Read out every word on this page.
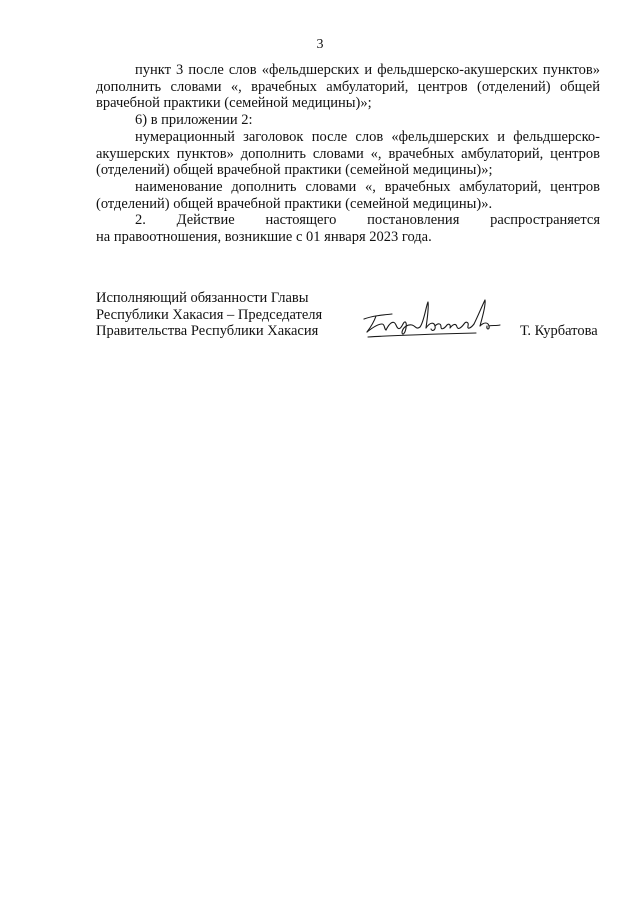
3

пункт 3 после слов «фельдшерских и фельдшерско-акушерских пунктов» дополнить словами «, врачебных амбулаторий, центров (отделений) общей врачебной практики (семейной медицины)»;

6) в приложении 2:

нумерационный заголовок после слов «фельдшерских и фельдшерско-акушерских пунктов» дополнить словами «, врачебных амбулаторий, центров (отделений) общей врачебной практики (семейной медицины)»;

наименование дополнить словами «, врачебных амбулаторий, центров (отделений) общей врачебной практики (семейной медицины)».

2. Действие настоящего постановления распространяется

на правоотношения, возникшие с 01 января 2023 года.

Исполняющий обязанности Главы
Республики Хакасия – Председателя
Правительства Республики Хакасия	Т. Курбатова
